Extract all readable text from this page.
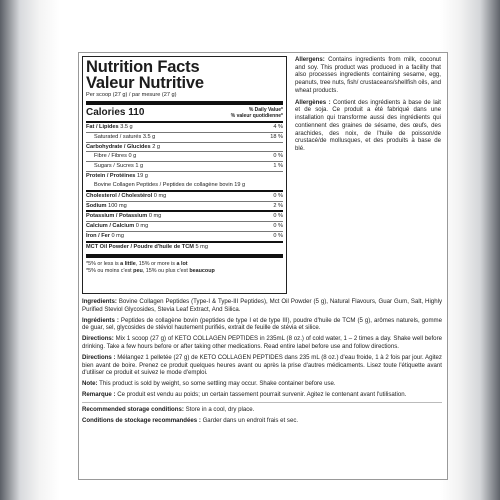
Nutrition Facts
Valeur Nutritive
Per scoop (27 g) / par mesure (27 g)
Calories 110	% Daily Value*
% valeur quotidienne*
Fat / Lipides 3.5 g	4 %
Saturated / saturés 3.5 g	18 %
Carbohydrate / Glucides 2 g
Fibre / Fibres 0 g	0 %
Sugars / Sucres 1 g	1 %
Protein / Protéines 19 g
Bovine Collagen Peptides / Peptides de collagène bovin 19 g
Cholesterol / Cholestérol 0 mg	0 %
Sodium 100 mg	2 %
Potassium / Potassium 0 mg	0 %
Calcium / Calcium 0 mg	0 %
Iron / Fer 0 mg	0 %
MCT Oil Powder / Poudre d'huile de TCM 5 mg
*5% or less is a little, 15% or more is a lot
*5% ou moins c'est peu, 15% ou plus c'est beaucoup

Allergens: Contains ingredients from milk, coconut and soy. This product was produced in a facility that also processes ingredients containing sesame, egg, peanuts, tree nuts, fish/ crustaceans/shellfish oils, and wheat products.

Allergènes : Contient des ingrédients à base de lait et de soja. Ce produit a été fabriqué dans une installation qui transforme aussi des ingrédients qui contiennent des graines de sésame, des œufs, des arachides, des noix, de l'huile de poisson/de crustacé/de mollusques, et des produits à base de blé.

Ingredients: Bovine Collagen Peptides (Type-I & Type-III Peptides), Mct Oil Powder (5 g), Natural Flavours, Guar Gum, Salt, Highly Purified Steviol Glycosides, Stevia Leaf Extract, And Silica.

Ingrédients : Peptides de collagène bovin (peptides de type I et de type III), poudre d'huile de TCM (5 g), arômes naturels, gomme de guar, sel, glycosides de stéviol hautement purifiés, extrait de feuille de stévia et silice.

Directions: Mix 1 scoop (27 g) of KETO COLLAGEN PEPTIDES in 235mL (8 oz.) of cold water, 1 – 2 times a day. Shake well before drinking. Take a few hours before or after taking other medications. Read entire label before use and follow directions.

Directions : Mélangez 1 pelletée (27 g) de KETO COLLAGEN PEPTIDES dans 235 mL (8 oz.) d'eau froide, 1 à 2 fois par jour. Agitez bien avant de boire. Prenez ce produit quelques heures avant ou après la prise d'autres médicaments. Lisez toute l'étiquette avant d'utiliser ce produit et suivez le mode d'emploi.

Note: This product is sold by weight, so some settling may occur. Shake container before use.

Remarque : Ce produit est vendu au poids; un certain tassement pourrait survenir. Agitez le contenant avant l'utilisation.

Recommended storage conditions: Store in a cool, dry place.

Conditions de stockage recommandées : Garder dans un endroit frais et sec.
